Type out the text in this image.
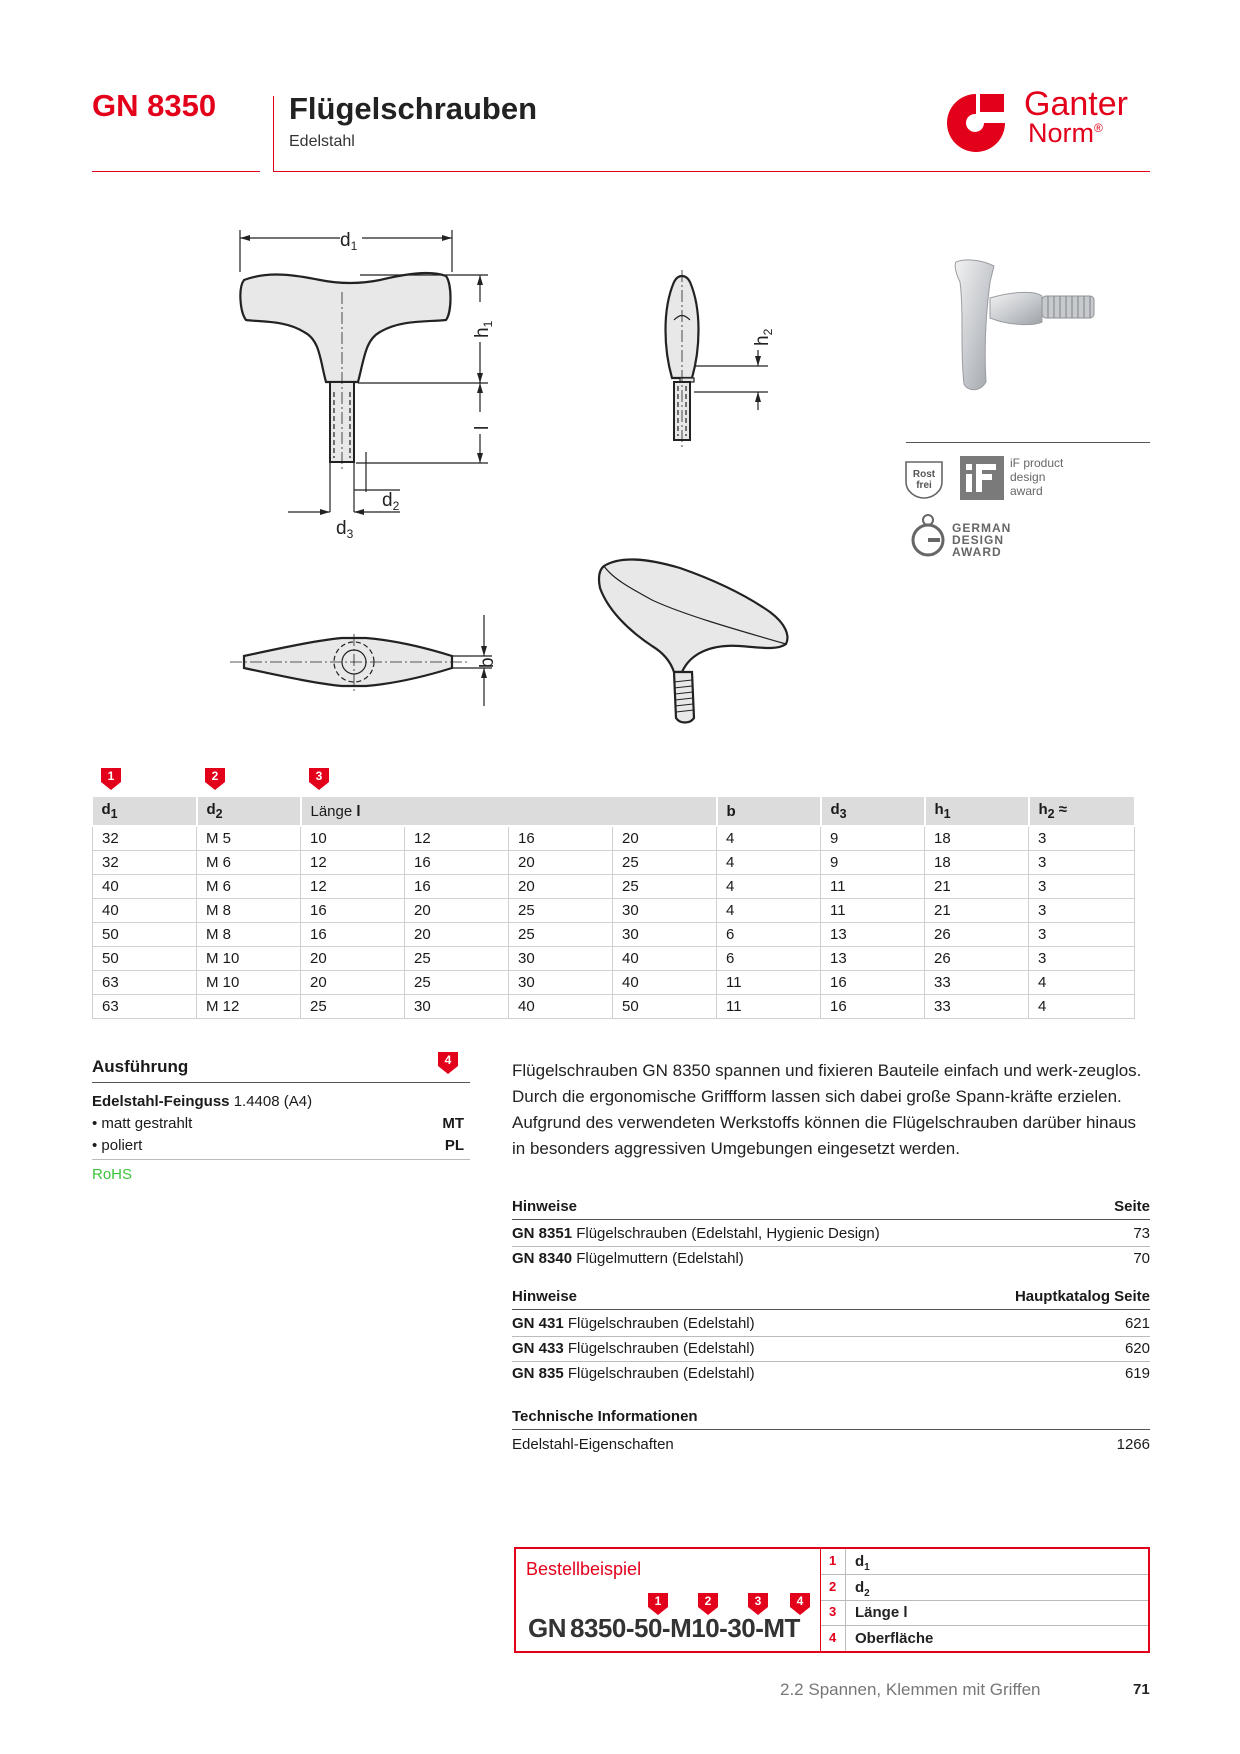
GN 8350 Flügelschrauben
Edelstahl
Ganter
Norm®
$d_1$
$h_1$
l
$d_2$
$d_3$
$h_2$
b
Rost
frei
iF product
design
award
GERMAN
DESIGN
AWARD
1	2	3
$d_1$	$d_2$	Länge l				b	$d_3$	$h_1$	$h_2$ ≈
32	M 5	10	12	16	20	4	9	18	3
32	M 6	12	16	20	25	4	9	18	3
40	M 6	12	16	20	25	4	11	21	3
40	M 8	16	20	25	30	4	11	21	3
50	M 8	16	20	25	30	6	13	26	3
50	M 10	20	25	30	40	6	13	26	3
63	M 10	20	25	30	40	11	16	33	4
63	M 12	25	30	40	50	11	16	33	4
Ausführung	4
Edelstahl-Feinguss 1.4408 (A4)
• matt gestrahlt	MT
• poliert	PL
RoHS
Flügelschrauben GN 8350 spannen und fixieren Bauteile einfach und werk-zeuglos. Durch die ergonomische Griffform lassen sich dabei große Spann-kräfte erzielen.
Aufgrund des verwendeten Werkstoffs können die Flügelschrauben darüber hinaus in besonders aggressiven Umgebungen eingesetzt werden.
Hinweise	Seite
GN 8351 Flügelschrauben (Edelstahl, Hygienic Design)	73
GN 8340 Flügelmuttern (Edelstahl)	70
Hinweise	Hauptkatalog Seite
GN 431 Flügelschrauben (Edelstahl)	621
GN 433 Flügelschrauben (Edelstahl)	620
GN 835 Flügelschrauben (Edelstahl)	619
Technische Informationen
Edelstahl-Eigenschaften	1266
Bestellbeispiel
1	2	3	4
GN 8350-50-M10-30-MT
1 $d_1$
2 $d_2$
3 Länge l
4 Oberfläche
2.2 Spannen, Klemmen mit Griffen	71
